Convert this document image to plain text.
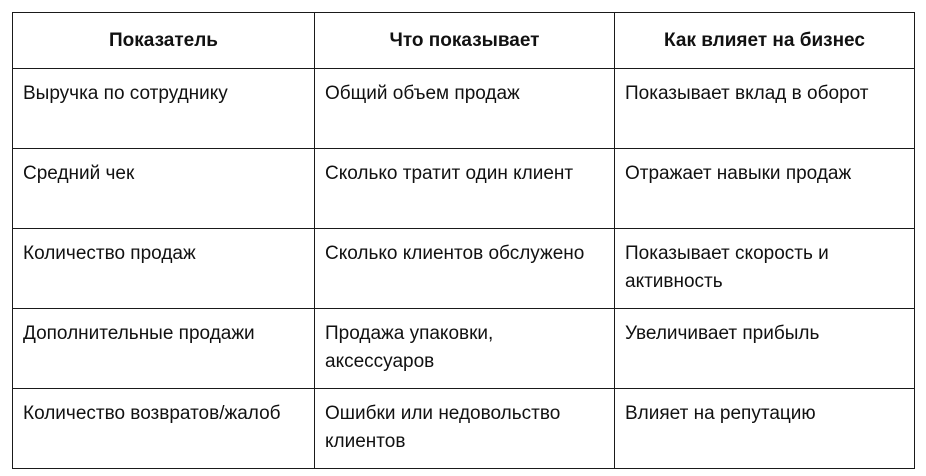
Показатель	Что показывает	Как влияет на бизнес
Выручка по сотруднику	Общий объем продаж	Показывает вклад в оборот
Средний чек	Сколько тратит один клиент	Отражает навыки продаж
Количество продаж	Сколько клиентов обслужено	Показывает скорость и активность
Дополнительные продажи	Продажа упаковки, аксессуаров	Увеличивает прибыль
Количество возвратов/жалоб	Ошибки или недовольство клиентов	Влияет на репутацию
